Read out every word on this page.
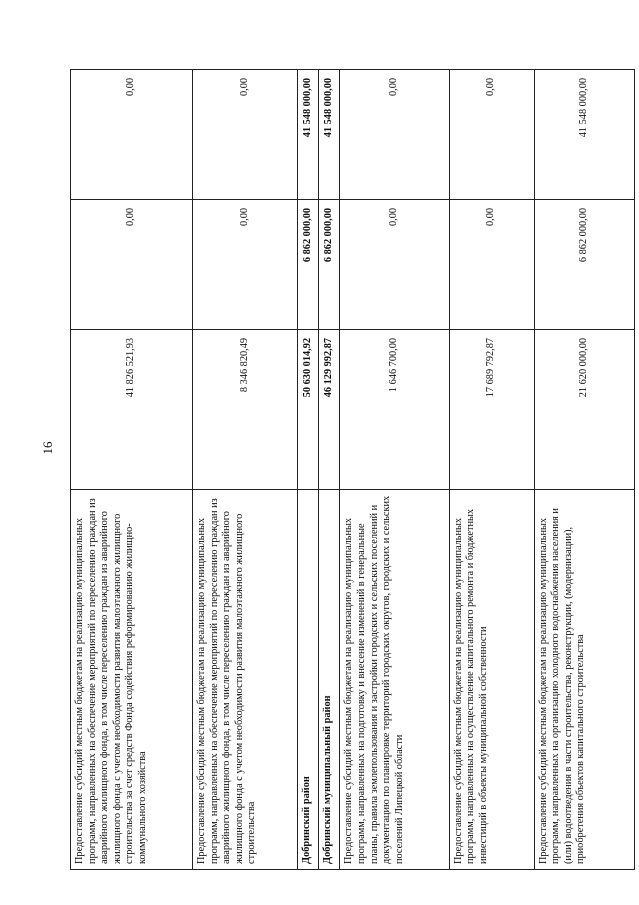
16
Предоставление субсидий местным бюджетам на реализацию муниципальных программ, направленных на обеспечение мероприятий по переселению граждан из аварийного жилищного фонда, в том числе переселению граждан из аварийного жилищного фонда с учетом необходимости развития малоэтажного жилищного строительства за счет средств Фонда содействия реформированию жилищно-коммунального хозяйства	41 826 521,93	0,00	0,00
Предоставление субсидий местным бюджетам на реализацию муниципальных программ, направленных на обеспечение мероприятий по переселению граждан из аварийного жилищного фонда, в том числе переселению граждан из аварийного жилищного фонда с учетом необходимости развития малоэтажного жилищного строительства	8 346 820,49	0,00	0,00
Добринский район	50 630 014,92	6 862 000,00	41 548 000,00
Добринский муниципальный район	46 129 992,87	6 862 000,00	41 548 000,00
Предоставление субсидий местным бюджетам на реализацию муниципальных программ, направленных на подготовку и внесение изменений в генеральные планы, правила землепользования и застройки городских и сельских поселений и документацию по планировке территорий городских округов, городских и сельских поселений Липецкой области	1 646 700,00	0,00	0,00
Предоставление субсидий местным бюджетам на реализацию муниципальных программ, направленных на осуществление капитального ремонта и бюджетных инвестиций в объекты муниципальной собственности	17 689 792,87	0,00	0,00
Предоставление субсидий местным бюджетам на реализацию муниципальных программ, направленных на организацию холодного водоснабжения населения и (или) водоотведения в части строительства, реконструкции, (модернизации), приобретения объектов капитального строительства	21 620 000,00	6 862 000,00	41 548 000,00
